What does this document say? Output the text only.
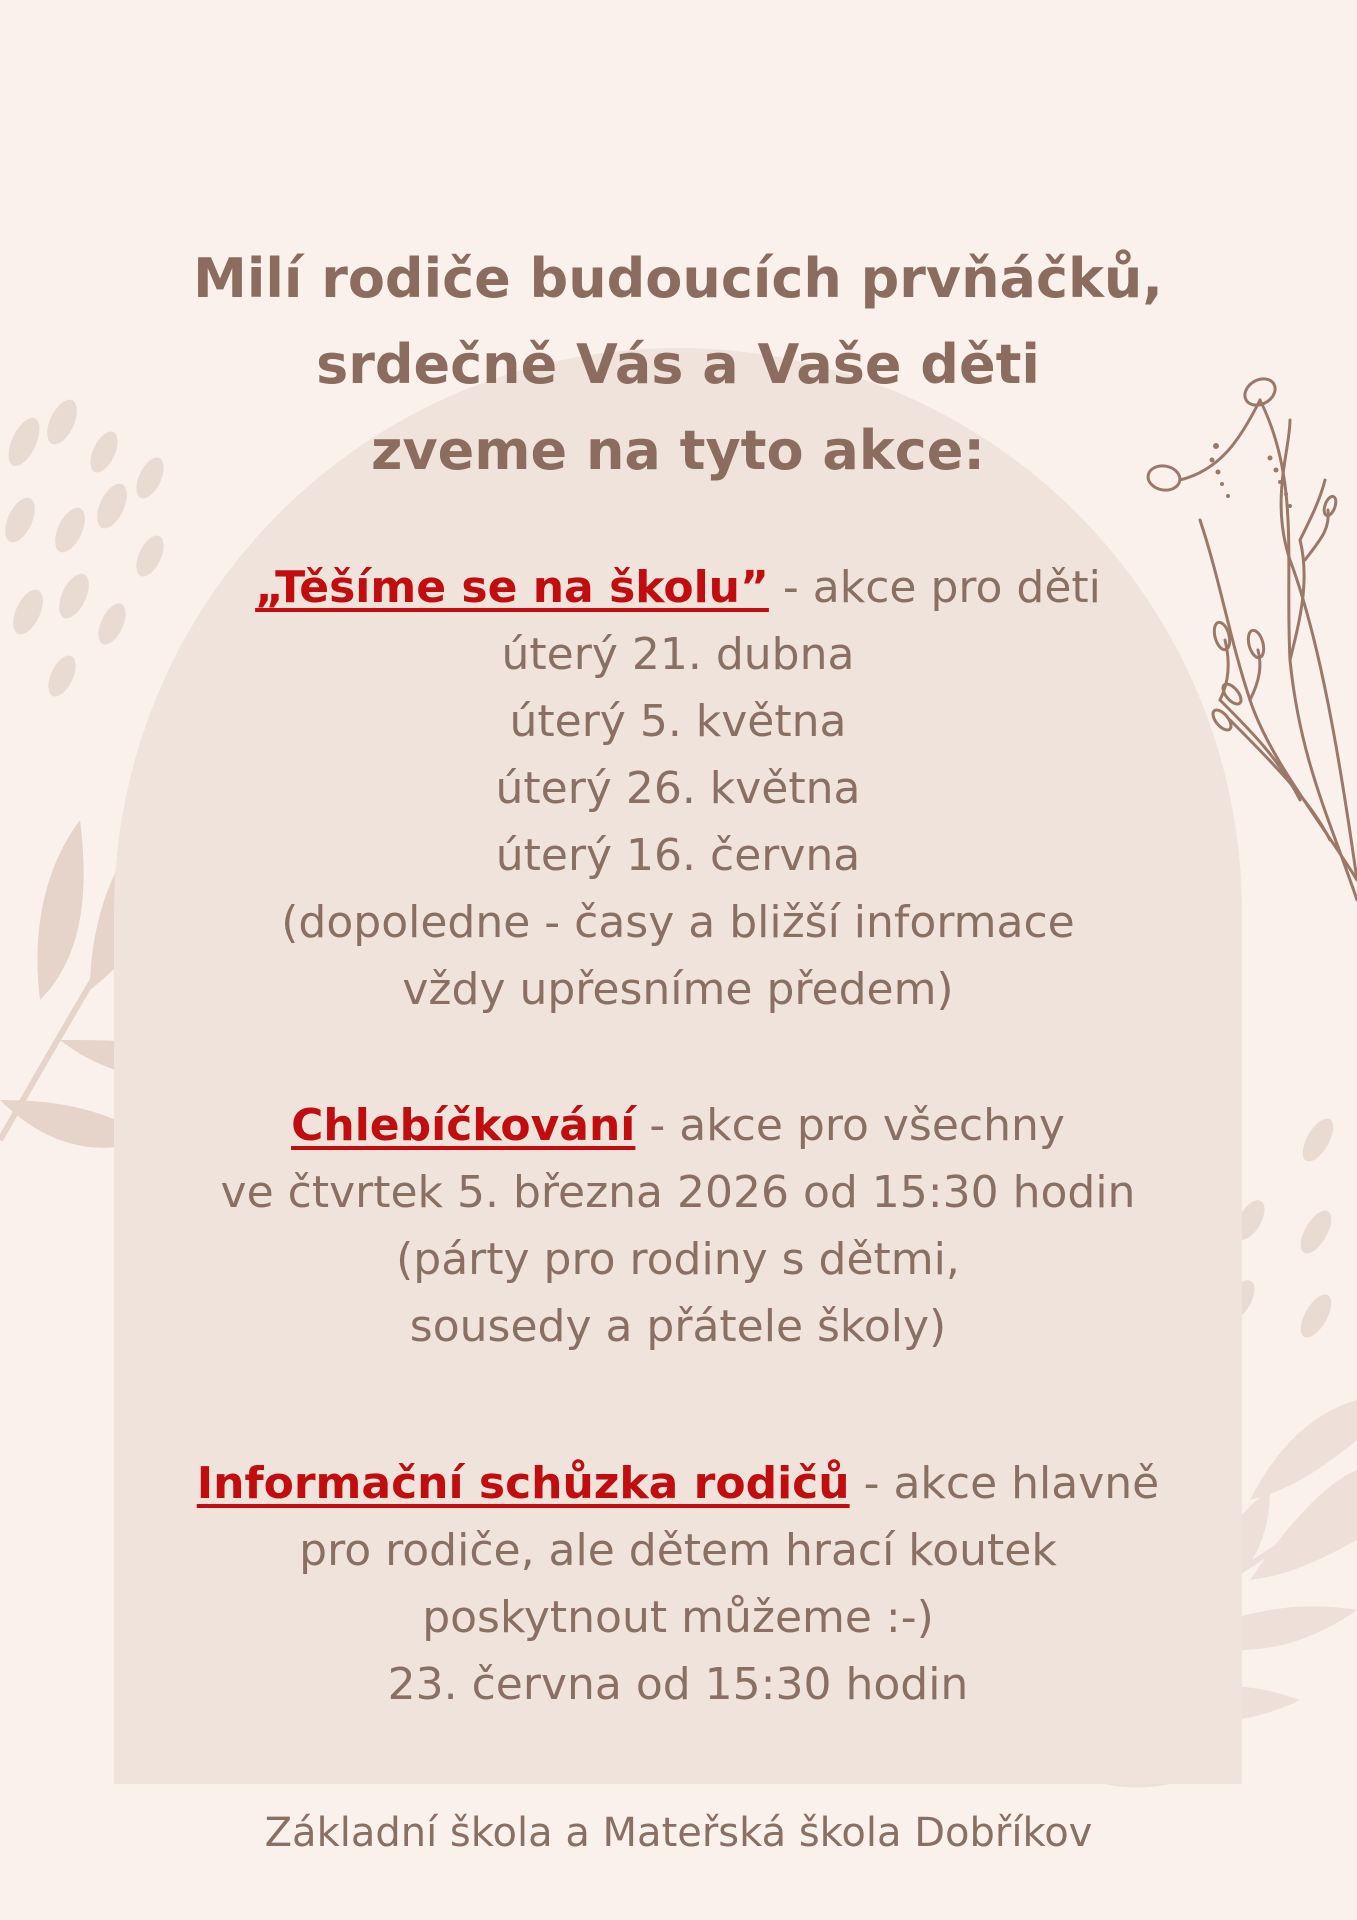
Milí rodiče budoucích prvňáčků,
srdečně Vás a Vaše děti
zveme na tyto akce:
„Těšíme se na školu” - akce pro děti
úterý 21. dubna
úterý 5. května
úterý 26. května
úterý 16. června
(dopoledne - časy a bližší informace
vždy upřesníme předem)
Chlebíčkování - akce pro všechny
ve čtvrtek 5. března 2026 od 15:30 hodin
(párty pro rodiny s dětmi,
sousedy a přátele školy)
Informační schůzka rodičů - akce hlavně
pro rodiče, ale dětem hrací koutek
poskytnout můžeme :-)
23. června od 15:30 hodin
Základní škola a Mateřská škola Dobříkov
